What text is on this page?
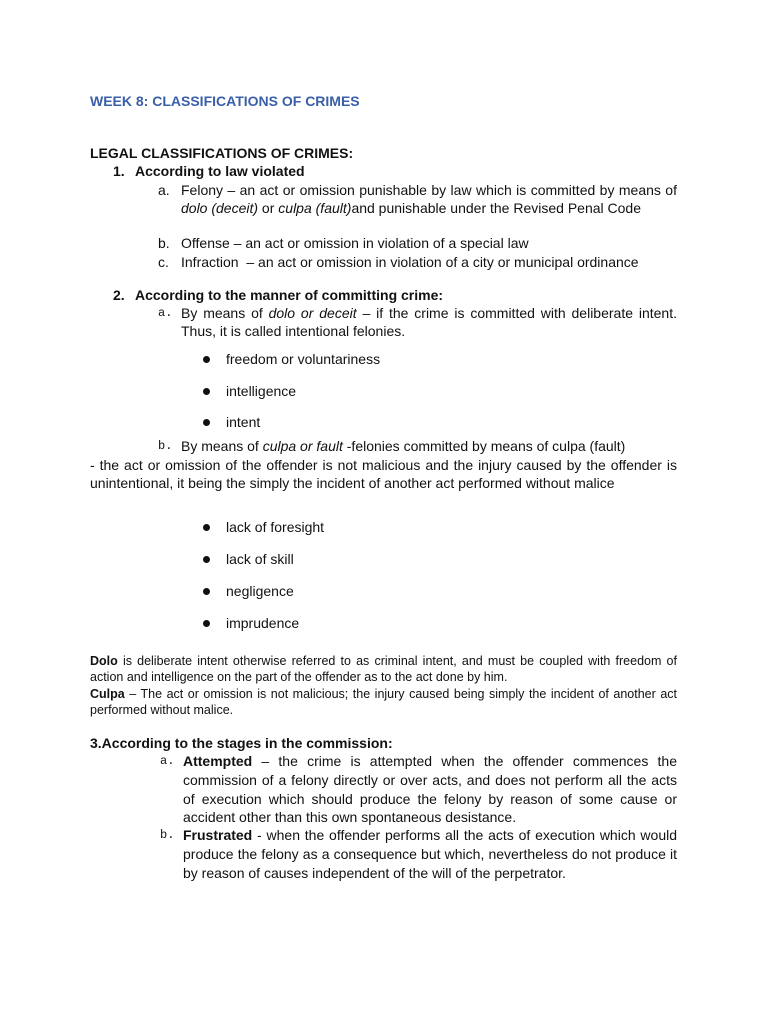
WEEK 8: CLASSIFICATIONS OF CRIMES
LEGAL CLASSIFICATIONS OF CRIMES:
1. According to law violated
a. Felony – an act or omission punishable by law which is committed by means of dolo (deceit) or culpa (fault)and punishable under the Revised Penal Code
b. Offense – an act or omission in violation of a special law
c. Infraction  – an act or omission in violation of a city or municipal ordinance
2. According to the manner of committing crime:
a. By means of dolo or deceit – if the crime is committed with deliberate intent. Thus, it is called intentional felonies.
freedom or voluntariness
intelligence
intent
b. By means of culpa or fault -felonies committed by means of culpa (fault)
- the act or omission of the offender is not malicious and the injury caused by the offender is unintentional, it being the simply the incident of another act performed without malice
lack of foresight
lack of skill
negligence
imprudence
Dolo is deliberate intent otherwise referred to as criminal intent, and must be coupled with freedom of action and intelligence on the part of the offender as to the act done by him.
Culpa – The act or omission is not malicious; the injury caused being simply the incident of another act performed without malice.
3.According to the stages in the commission:
a. Attempted – the crime is attempted when the offender commences the commission of a felony directly or over acts, and does not perform all the acts of execution which should produce the felony by reason of some cause or accident other than this own spontaneous desistance.
b. Frustrated - when the offender performs all the acts of execution which would produce the felony as a consequence but which, nevertheless do not produce it by reason of causes independent of the will of the perpetrator.
